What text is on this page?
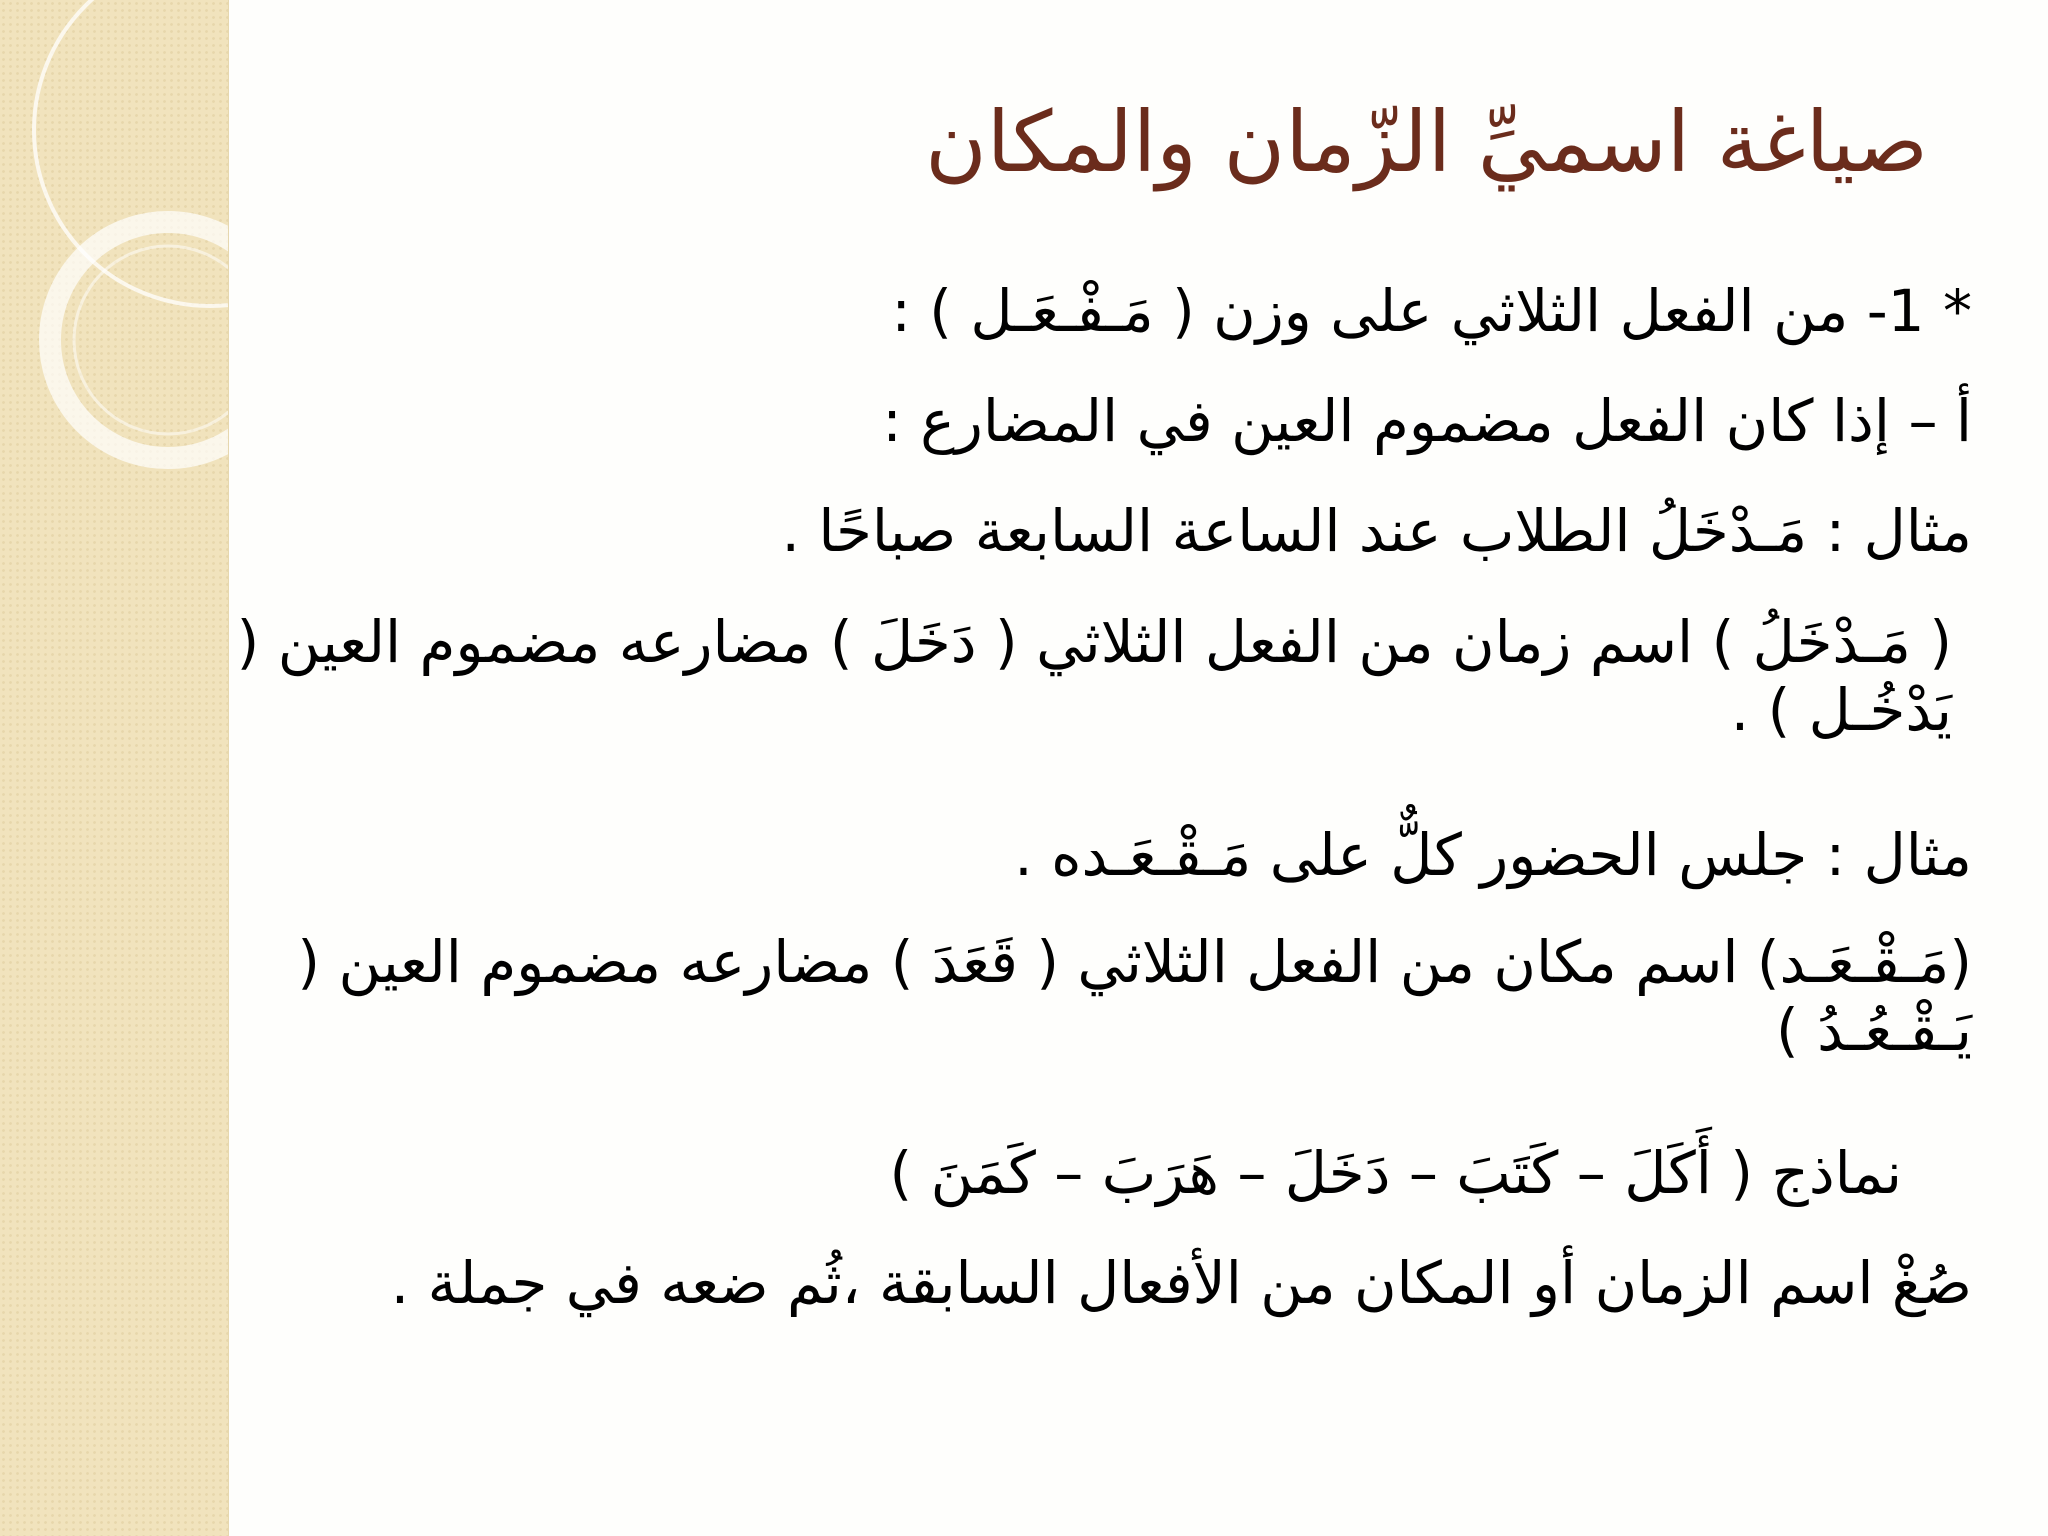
صياغة اسميِّ الزّمان والمكان

* 1- من الفعل الثلاثي على وزن ( مَـفْـعَـل ) :

أ – إذا كان الفعل مضموم العين في المضارع :

مثال : مَـدْخَلُ الطلاب عند الساعة السابعة صباحًا .

( مَـدْخَلُ ) اسم زمان من الفعل الثلاثي ( دَخَلَ ) مضارعه مضموم العين ( يَدْخُـل ) .

مثال : جلس الحضور كلٌّ على مَـقْـعَـده .

(مَـقْـعَـد) اسم مكان من الفعل الثلاثي ( قَعَدَ ) مضارعه مضموم العين ( يَـقْـعُـدُ )

نماذج ( أَكَلَ – كَتَبَ – دَخَلَ – هَرَبَ – كَمَنَ )

صُغْ اسم الزمان أو المكان من الأفعال السابقة ،ثُم ضعه في جملة .
